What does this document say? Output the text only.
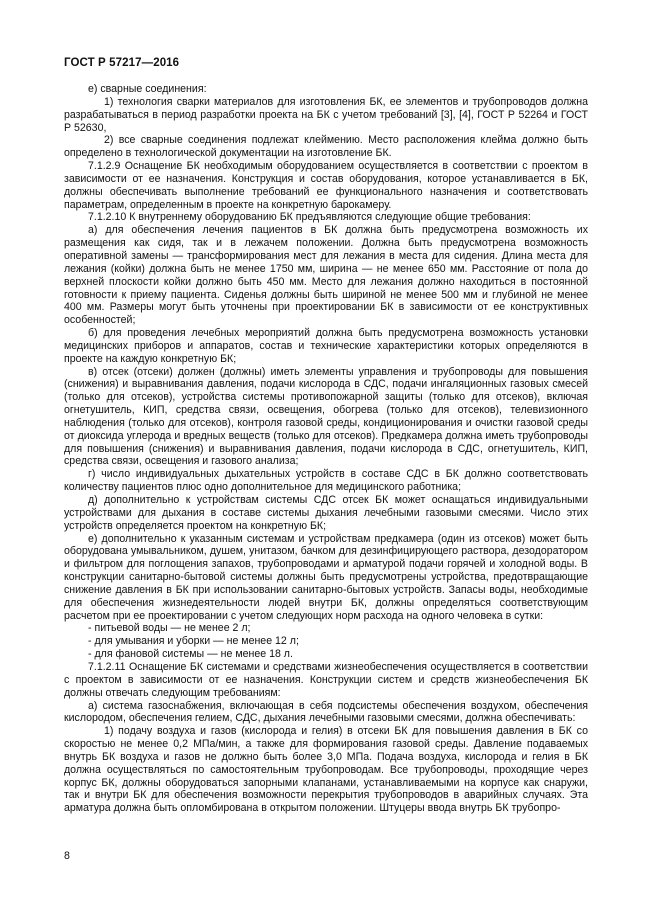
ГОСТ Р 57217—2016

е) сварные соединения:

1) технология сварки материалов для изготовления БК, ее элементов и трубопроводов должна разрабатываться в период разработки проекта на БК с учетом требований [3], [4], ГОСТ Р 52264 и ГОСТ Р 52630,

2) все сварные соединения подлежат клеймению. Место расположения клейма должно быть определено в технологической документации на изготовление БК.

7.1.2.9 Оснащение БК необходимым оборудованием осуществляется в соответствии с проектом в зависимости от ее назначения. Конструкция и состав оборудования, которое устанавливается в БК, должны обеспечивать выполнение требований ее функционального назначения и соответствовать параметрам, определенным в проекте на конкретную барокамеру.

7.1.2.10 К внутреннему оборудованию БК предъявляются следующие общие требования:

а) для обеспечения лечения пациентов в БК должна быть предусмотрена возможность их размещения как сидя, так и в лежачем положении. Должна быть предусмотрена возможность оперативной замены — трансформирования мест для лежания в места для сидения. Длина места для лежания (койки) должна быть не менее 1750 мм, ширина — не менее 650 мм. Расстояние от пола до верхней плоскости койки должно быть 450 мм. Место для лежания должно находиться в постоянной готовности к приему пациента. Сиденья должны быть шириной не менее 500 мм и глубиной не менее 400 мм. Размеры могут быть уточнены при проектировании БК в зависимости от ее конструктивных особенностей;

б) для проведения лечебных мероприятий должна быть предусмотрена возможность установки медицинских приборов и аппаратов, состав и технические характеристики которых определяются в проекте на каждую конкретную БК;

в) отсек (отсеки) должен (должны) иметь элементы управления и трубопроводы для повышения (снижения) и выравнивания давления, подачи кислорода в СДС, подачи ингаляционных газовых смесей (только для отсеков), устройства системы противопожарной защиты (только для отсеков), включая огнетушитель, КИП, средства связи, освещения, обогрева (только для отсеков), телевизионного наблюдения (только для отсеков), контроля газовой среды, кондиционирования и очистки газовой среды от диоксида углерода и вредных веществ (только для отсеков). Предкамера должна иметь трубопроводы для повышения (снижения) и выравнивания давления, подачи кислорода в СДС, огнетушитель, КИП, средства связи, освещения и газового анализа;

г) число индивидуальных дыхательных устройств в составе СДС в БК должно соответствовать количеству пациентов плюс одно дополнительное для медицинского работника;

д) дополнительно к устройствам системы СДС отсек БК может оснащаться индивидуальными устройствами для дыхания в составе системы дыхания лечебными газовыми смесями. Число этих устройств определяется проектом на конкретную БК;

е) дополнительно к указанным системам и устройствам предкамера (один из отсеков) может быть оборудована умывальником, душем, унитазом, бачком для дезинфицирующего раствора, дезодоратором и фильтром для поглощения запахов, трубопроводами и арматурой подачи горячей и холодной воды. В конструкции санитарно-бытовой системы должны быть предусмотрены устройства, предотвращающие снижение давления в БК при использовании санитарно-бытовых устройств. Запасы воды, необходимые для обеспечения жизнедеятельности людей внутри БК, должны определяться соответствующим расчетом при ее проектировании с учетом следующих норм расхода на одного человека в сутки:

- питьевой воды — не менее 2 л;

- для умывания и уборки — не менее 12 л;

- для фановой системы — не менее 18 л.

7.1.2.11 Оснащение БК системами и средствами жизнеобеспечения осуществляется в соответствии с проектом в зависимости от ее назначения. Конструкции систем и средств жизнеобеспечения БК должны отвечать следующим требованиям:

а) система газоснабжения, включающая в себя подсистемы обеспечения воздухом, обеспечения кислородом, обеспечения гелием, СДС, дыхания лечебными газовыми смесями, должна обеспечивать:

1) подачу воздуха и газов (кислорода и гелия) в отсеки БК для повышения давления в БК со скоростью не менее 0,2 МПа/мин, а также для формирования газовой среды. Давление подаваемых внутрь БК воздуха и газов не должно быть более 3,0 МПа. Подача воздуха, кислорода и гелия в БК должна осуществляться по самостоятельным трубопроводам. Все трубопроводы, проходящие через корпус БК, должны оборудоваться запорными клапанами, устанавливаемыми на корпусе как снаружи, так и внутри БК для обеспечения возможности перекрытия трубопроводов в аварийных случаях. Эта арматура должна быть опломбирована в открытом положении. Штуцеры ввода внутрь БК трубопро-

8
